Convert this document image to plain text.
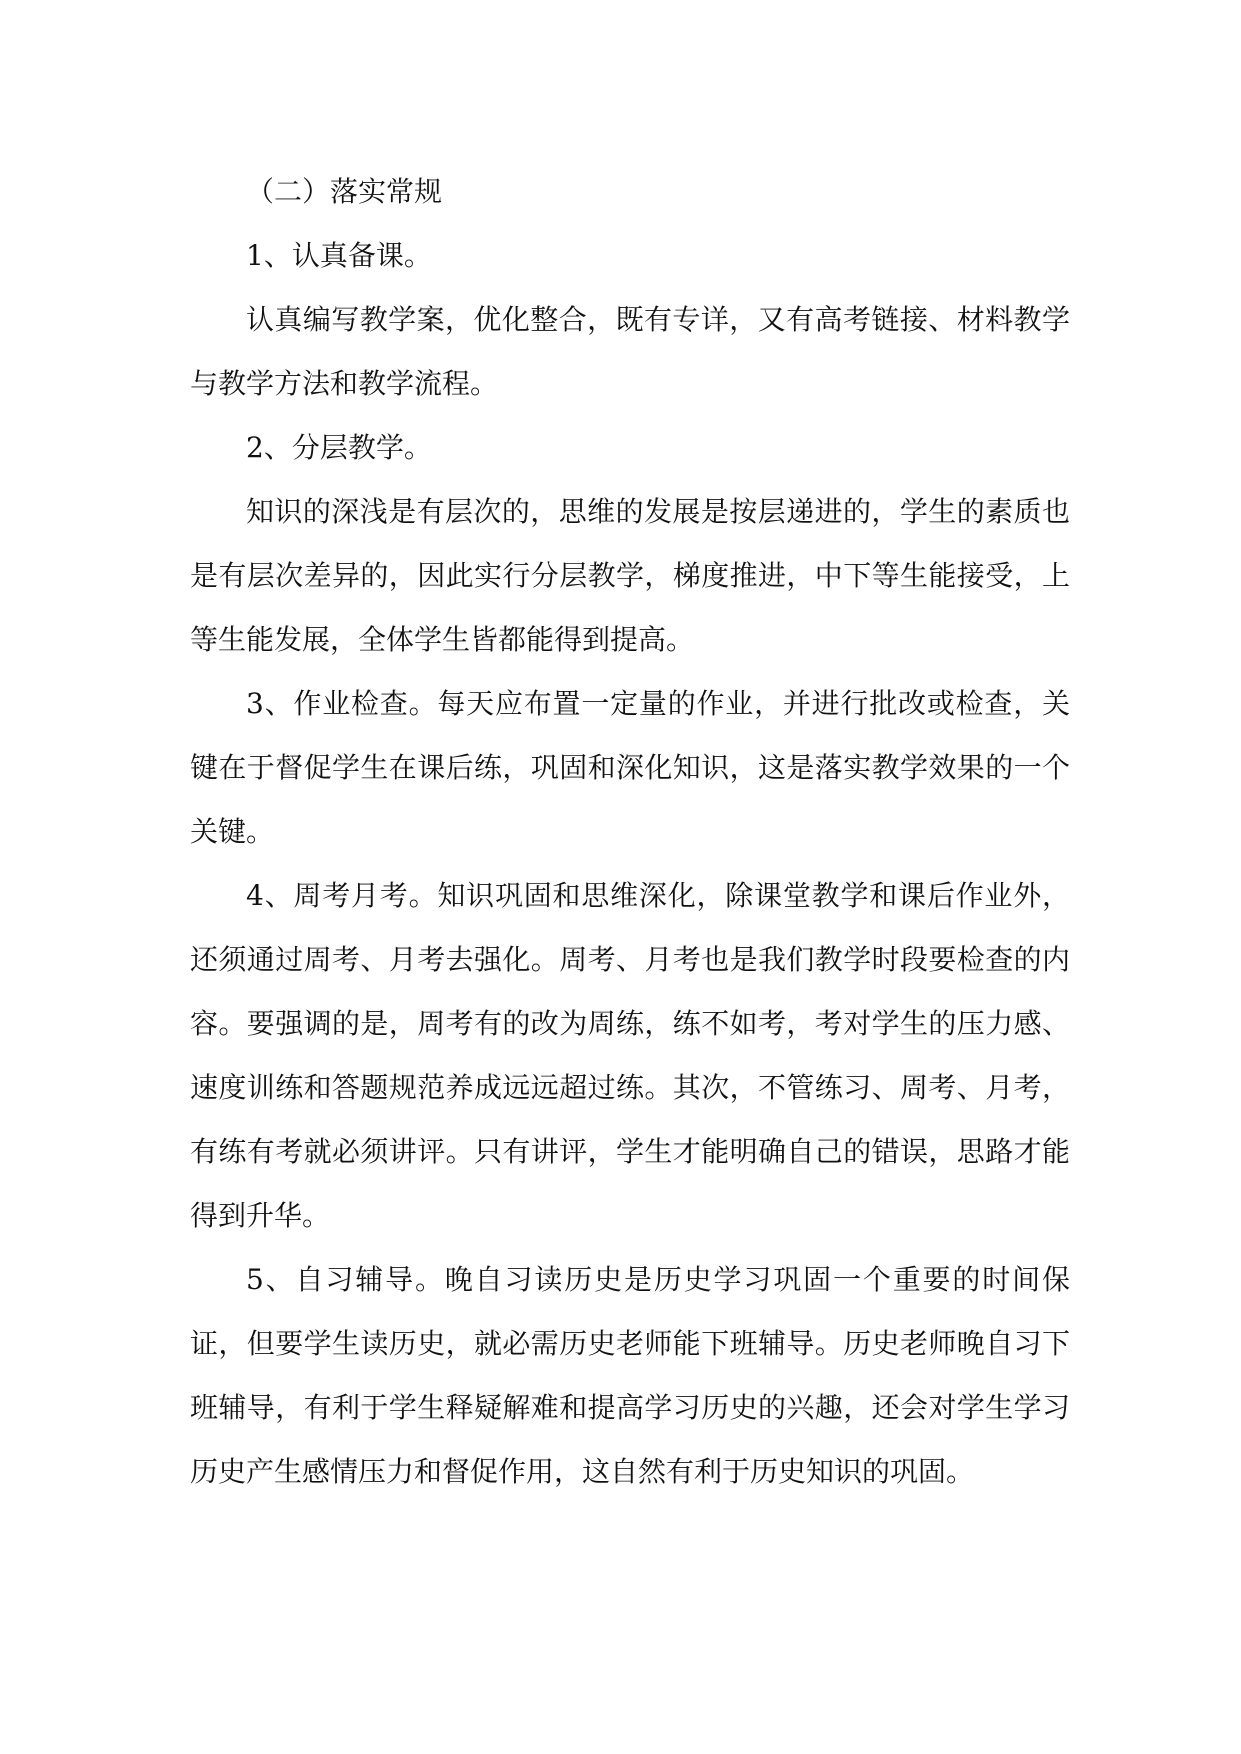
（二）落实常规

1、认真备课。

认真编写教学案，优化整合，既有专详，又有高考链接、材料教学与教学方法和教学流程。

2、分层教学。

知识的深浅是有层次的，思维的发展是按层递进的，学生的素质也是有层次差异的，因此实行分层教学，梯度推进，中下等生能接受，上等生能发展，全体学生皆都能得到提高。

3、作业检查。每天应布置一定量的作业，并进行批改或检查，关键在于督促学生在课后练，巩固和深化知识，这是落实教学效果的一个关键。

4、周考月考。知识巩固和思维深化，除课堂教学和课后作业外，还须通过周考、月考去强化。周考、月考也是我们教学时段要检查的内容。要强调的是，周考有的改为周练，练不如考，考对学生的压力感、速度训练和答题规范养成远远超过练。其次，不管练习、周考、月考，有练有考就必须讲评。只有讲评，学生才能明确自己的错误，思路才能得到升华。

5、自习辅导。晚自习读历史是历史学习巩固一个重要的时间保证，但要学生读历史，就必需历史老师能下班辅导。历史老师晚自习下班辅导，有利于学生释疑解难和提高学习历史的兴趣，还会对学生学习历史产生感情压力和督促作用，这自然有利于历史知识的巩固。
